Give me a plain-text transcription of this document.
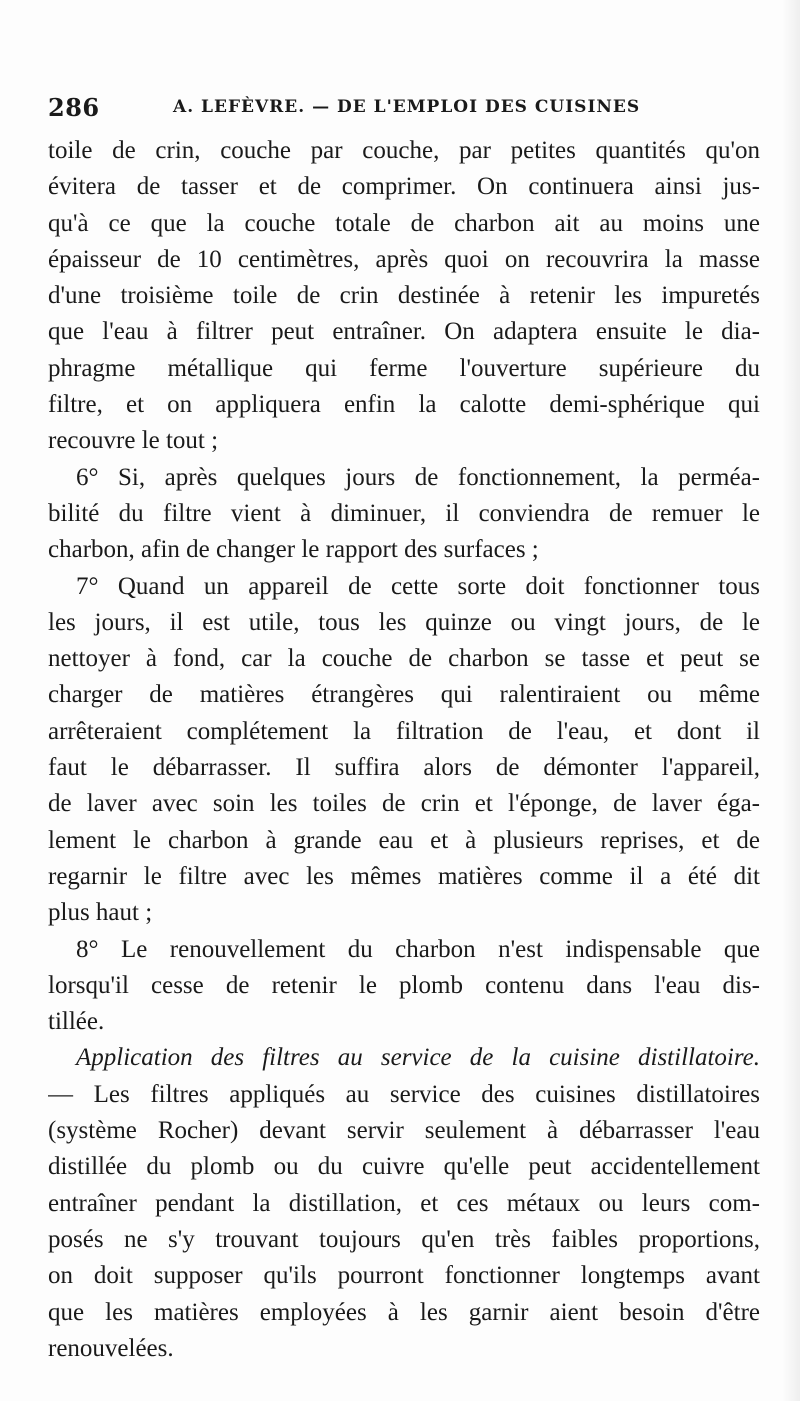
286	A. LEFÈVRE. — DE L'EMPLOI DES CUISINES
toile de crin, couche par couche, par petites quantités qu'on
évitera de tasser et de comprimer. On continuera ainsi jus-
qu'à ce que la couche totale de charbon ait au moins une
épaisseur de 10 centimètres, après quoi on recouvrira la masse
d'une troisième toile de crin destinée à retenir les impuretés
que l'eau à filtrer peut entraîner. On adaptera ensuite le dia-
phragme métallique qui ferme l'ouverture supérieure du
filtre, et on appliquera enfin la calotte demi-sphérique qui
recouvre le tout ;
6° Si, après quelques jours de fonctionnement, la perméa-
bilité du filtre vient à diminuer, il conviendra de remuer le
charbon, afin de changer le rapport des surfaces ;
7° Quand un appareil de cette sorte doit fonctionner tous
les jours, il est utile, tous les quinze ou vingt jours, de le
nettoyer à fond, car la couche de charbon se tasse et peut se
charger de matières étrangères qui ralentiraient ou même
arrêteraient complétement la filtration de l'eau, et dont il
faut le débarrasser. Il suffira alors de démonter l'appareil,
de laver avec soin les toiles de crin et l'éponge, de laver éga-
lement le charbon à grande eau et à plusieurs reprises, et de
regarnir le filtre avec les mêmes matières comme il a été dit
plus haut ;
8° Le renouvellement du charbon n'est indispensable que
lorsqu'il cesse de retenir le plomb contenu dans l'eau dis-
tillée.
Application des filtres au service de la cuisine distillatoire.
— Les filtres appliqués au service des cuisines distillatoires
(système Rocher) devant servir seulement à débarrasser l'eau
distillée du plomb ou du cuivre qu'elle peut accidentellement
entraîner pendant la distillation, et ces métaux ou leurs com-
posés ne s'y trouvant toujours qu'en très faibles proportions,
on doit supposer qu'ils pourront fonctionner longtemps avant
que les matières employées à les garnir aient besoin d'être
renouvelées.
